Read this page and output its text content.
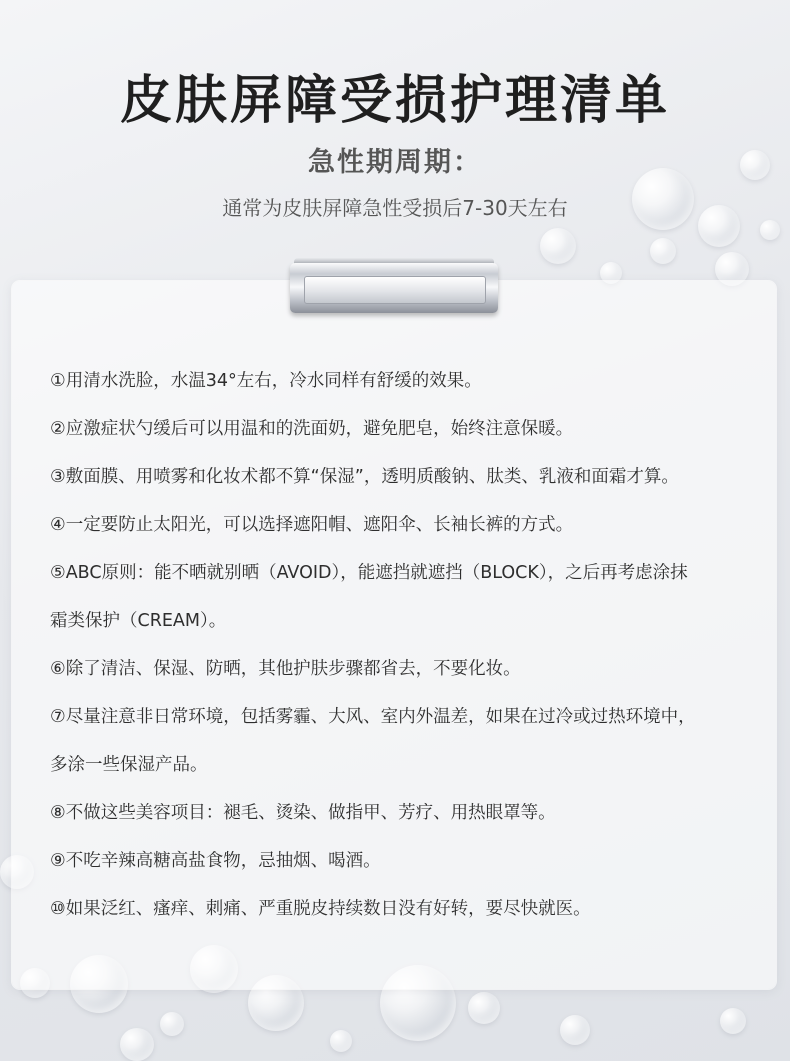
皮肤屏障受损护理清单
急性期周期：

通常为皮肤屏障急性受损后7-30天左右

①用清水洗脸，水温34°左右，冷水同样有舒缓的效果。

②应激症状勺缓后可以用温和的洗面奶，避免肥皂，始终注意保暖。

③敷面膜、用喷雾和化妆术都不算“保湿”，透明质酸钠、肽类、乳液和面霜才算。

④一定要防止太阳光，可以选择遮阳帽、遮阳伞、长袖长裤的方式。

⑤ABC原则：能不晒就别晒（AVOID），能遮挡就遮挡（BLOCK），之后再考虑涂抹

霜类保护（CREAM）。

⑥除了清洁、保湿、防晒，其他护肤步骤都省去，不要化妆。

⑦尽量注意非日常环境，包括雾霾、大风、室内外温差，如果在过冷或过热环境中，

多涂一些保湿产品。

⑧不做这些美容项目：褪毛、烫染、做指甲、芳疗、用热眼罩等。

⑨不吃辛辣高糖高盐食物，忌抽烟、喝酒。

⑩如果泛红、瘙痒、刺痛、严重脱皮持续数日没有好转，要尽快就医。
